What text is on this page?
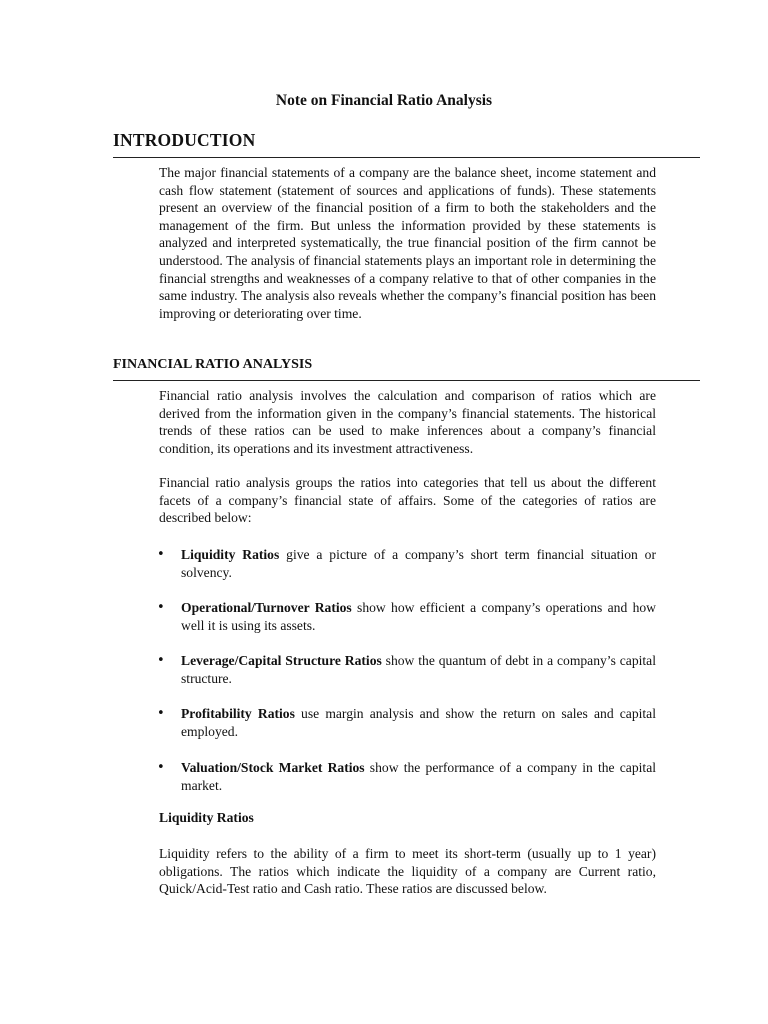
Note on Financial Ratio Analysis
INTRODUCTION

The major financial statements of a company are the balance sheet, income statement and cash flow statement (statement of sources and applications of funds). These statements present an overview of the financial position of a firm to both the stakeholders and the management of the firm. But unless the information provided by these statements is analyzed and interpreted systematically, the true financial position of the firm cannot be understood. The analysis of financial statements plays an important role in determining the financial strengths and weaknesses of a company relative to that of other companies in the same industry. The analysis also reveals whether the company’s financial position has been improving or deteriorating over time.

FINANCIAL RATIO ANALYSIS

Financial ratio analysis involves the calculation and comparison of ratios which are derived from the information given in the company’s financial statements. The historical trends of these ratios can be used to make inferences about a company’s financial condition, its operations and its investment attractiveness.

Financial ratio analysis groups the ratios into categories that tell us about the different facets of a company’s financial state of affairs. Some of the categories of ratios are described below:

•	Liquidity Ratios give a picture of a company’s short term financial situation or solvency.
•	Operational/Turnover Ratios show how efficient a company’s operations and how well it is using its assets.
•	Leverage/Capital Structure Ratios show the quantum of debt in a company’s capital structure.
•	Profitability Ratios use margin analysis and show the return on sales and capital employed.
•	Valuation/Stock Market Ratios show the performance of a company in the capital market.
Liquidity Ratios

Liquidity refers to the ability of a firm to meet its short-term (usually up to 1 year) obligations. The ratios which indicate the liquidity of a company are Current ratio, Quick/Acid-Test ratio and Cash ratio. These ratios are discussed below.
